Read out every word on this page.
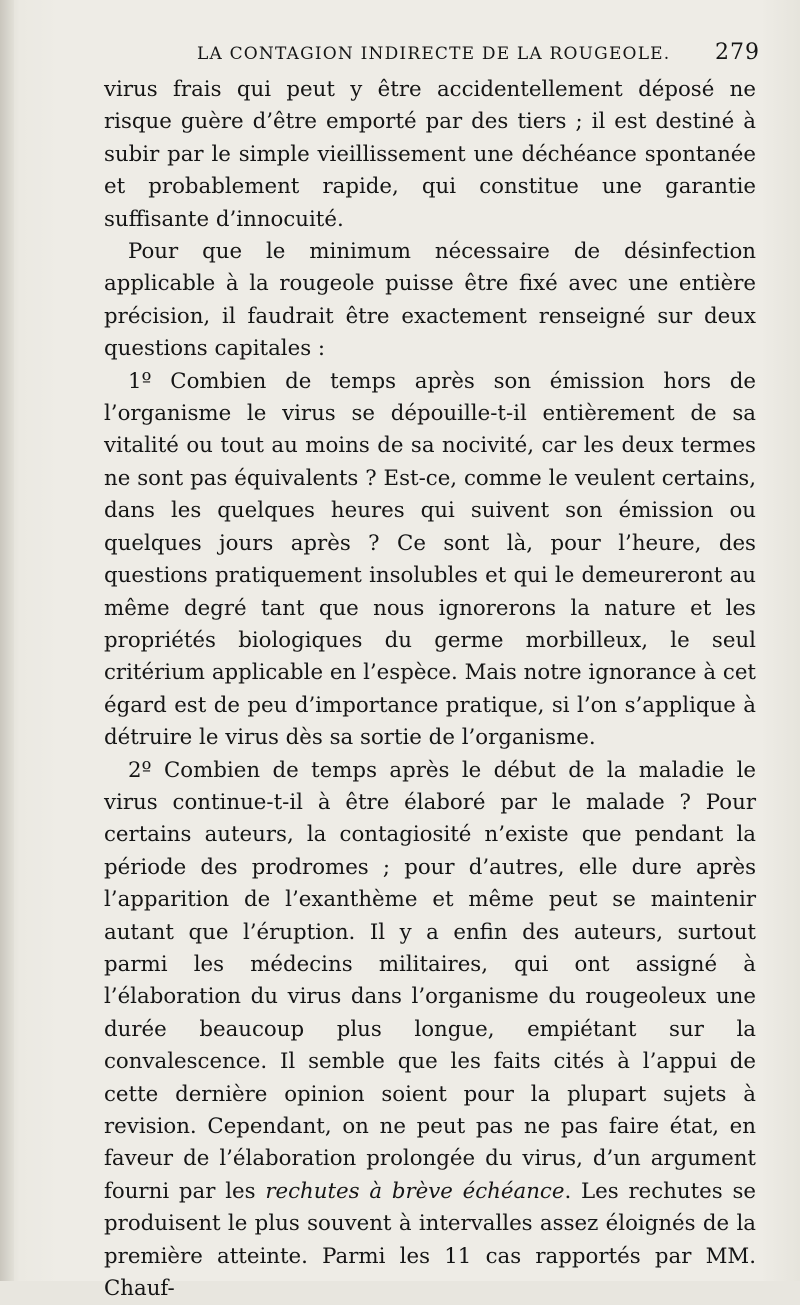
LA CONTAGION INDIRECTE DE LA ROUGEOLE. 279

virus frais qui peut y être accidentellement déposé ne risque guère d’être emporté par des tiers ; il est destiné à subir par le simple vieillissement une déchéance spontanée et probablement rapide, qui constitue une garantie suffisante d’innocuité.

Pour que le minimum nécessaire de désinfection applicable à la rougeole puisse être fixé avec une entière précision, il faudrait être exactement renseigné sur deux questions capitales :

1º Combien de temps après son émission hors de l’organisme le virus se dépouille-t-il entièrement de sa vitalité ou tout au moins de sa nocivité, car les deux termes ne sont pas équivalents ? Est-ce, comme le veulent certains, dans les quelques heures qui suivent son émission ou quelques jours après ? Ce sont là, pour l’heure, des questions pratiquement insolubles et qui le demeureront au même degré tant que nous ignorerons la nature et les propriétés biologiques du germe morbilleux, le seul critérium applicable en l’espèce. Mais notre ignorance à cet égard est de peu d’importance pratique, si l’on s’applique à détruire le virus dès sa sortie de l’organisme.

2º Combien de temps après le début de la maladie le virus continue-t-il à être élaboré par le malade ? Pour certains auteurs, la contagiosité n’existe que pendant la période des prodromes ; pour d’autres, elle dure après l’apparition de l’exanthème et même peut se maintenir autant que l’éruption. Il y a enfin des auteurs, surtout parmi les médecins militaires, qui ont assigné à l’élaboration du virus dans l’organisme du rougeoleux une durée beaucoup plus longue, empiétant sur la convalescence. Il semble que les faits cités à l’appui de cette dernière opinion soient pour la plupart sujets à revision. Cependant, on ne peut pas ne pas faire état, en faveur de l’élaboration prolongée du virus, d’un argument fourni par les rechutes à brève échéance. Les rechutes se produisent le plus souvent à intervalles assez éloignés de la première atteinte. Parmi les 11 cas rapportés par MM. Chauf-
